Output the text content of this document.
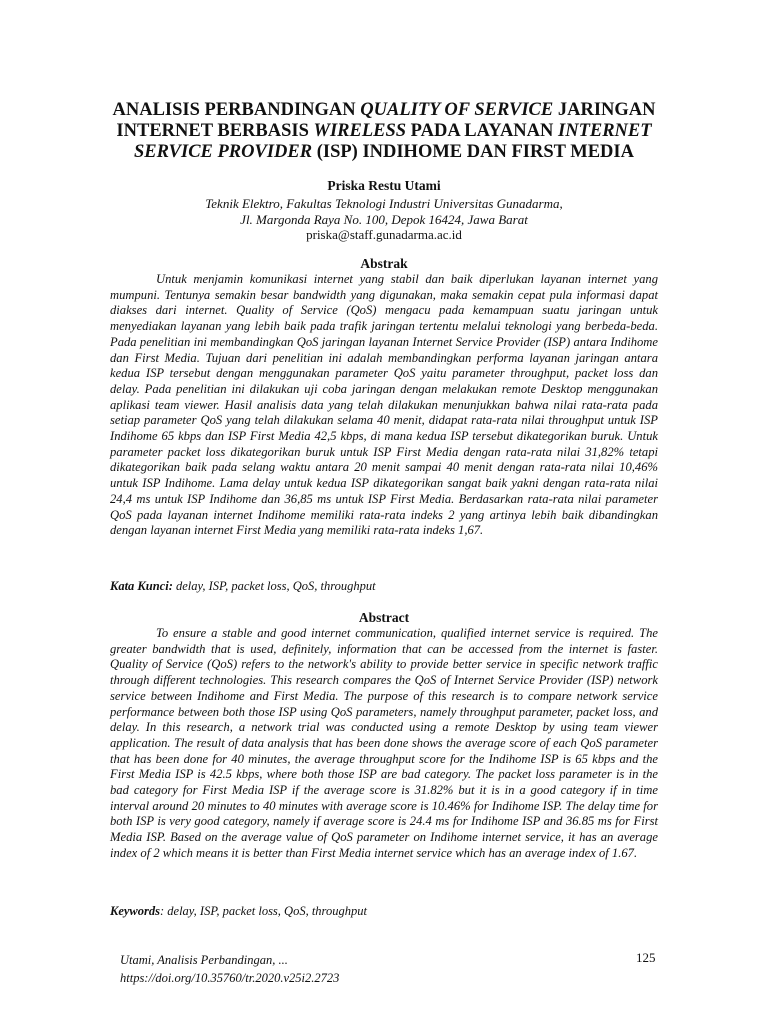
ANALISIS PERBANDINGAN QUALITY OF SERVICE JARINGAN
INTERNET BERBASIS WIRELESS PADA LAYANAN INTERNET
SERVICE PROVIDER (ISP) INDIHOME DAN FIRST MEDIA
Priska Restu Utami
Teknik Elektro, Fakultas Teknologi Industri Universitas Gunadarma,
Jl. Margonda Raya No. 100, Depok 16424, Jawa Barat
priska@staff.gunadarma.ac.id
Abstrak
Untuk menjamin komunikasi internet yang stabil dan baik diperlukan layanan internet yang mumpuni. Tentunya semakin besar bandwidth yang digunakan, maka semakin cepat pula informasi dapat diakses dari internet. Quality of Service (QoS) mengacu pada kemampuan suatu jaringan untuk menyediakan layanan yang lebih baik pada trafik jaringan tertentu melalui teknologi yang berbeda-beda. Pada penelitian ini membandingkan QoS jaringan layanan Internet Service Provider (ISP) antara Indihome dan First Media. Tujuan dari penelitian ini adalah membandingkan performa layanan jaringan antara kedua ISP tersebut dengan menggunakan parameter QoS yaitu parameter throughput, packet loss dan delay. Pada penelitian ini dilakukan uji coba jaringan dengan melakukan remote Desktop menggunakan aplikasi team viewer. Hasil analisis data yang telah dilakukan menunjukkan bahwa nilai rata-rata pada setiap parameter QoS yang telah dilakukan selama 40 menit, didapat rata-rata nilai throughput untuk ISP Indihome 65 kbps dan ISP First Media 42,5 kbps, di mana kedua ISP tersebut dikategorikan buruk. Untuk parameter packet loss dikategorikan buruk untuk ISP First Media dengan rata-rata nilai 31,82% tetapi dikategorikan baik pada selang waktu antara 20 menit sampai 40 menit dengan rata-rata nilai 10,46% untuk ISP Indihome. Lama delay untuk kedua ISP dikategorikan sangat baik yakni dengan rata-rata nilai 24,4 ms untuk ISP Indihome dan 36,85 ms untuk ISP First Media. Berdasarkan rata-rata nilai parameter QoS pada layanan internet Indihome memiliki rata-rata indeks 2 yang artinya lebih baik dibandingkan dengan layanan internet First Media yang memiliki rata-rata indeks 1,67.
Kata Kunci: delay, ISP, packet loss, QoS, throughput
Abstract
To ensure a stable and good internet communication, qualified internet service is required. The greater bandwidth that is used, definitely, information that can be accessed from the internet is faster. Quality of Service (QoS) refers to the network's ability to provide better service in specific network traffic through different technologies. This research compares the QoS of Internet Service Provider (ISP) network service between Indihome and First Media. The purpose of this research is to compare network service performance between both those ISP using QoS parameters, namely throughput parameter, packet loss, and delay. In this research, a network trial was conducted using a remote Desktop by using team viewer application. The result of data analysis that has been done shows the average score of each QoS parameter that has been done for 40 minutes, the average throughput score for the Indihome ISP is 65 kbps and the First Media ISP is 42.5 kbps, where both those ISP are bad category. The packet loss parameter is in the bad category for First Media ISP if the average score is 31.82% but it is in a good category if in time interval around 20 minutes to 40 minutes with average score is 10.46% for Indihome ISP. The delay time for both ISP is very good category, namely if average score is 24.4 ms for Indihome ISP and 36.85 ms for First Media ISP. Based on the average value of QoS parameter on Indihome internet service, it has an average index of 2 which means it is better than First Media internet service which has an average index of 1.67.
Keywords: delay, ISP, packet loss, QoS, throughput
Utami, Analisis Perbandingan, ...
https://doi.org/10.35760/tr.2020.v25i2.2723
125
